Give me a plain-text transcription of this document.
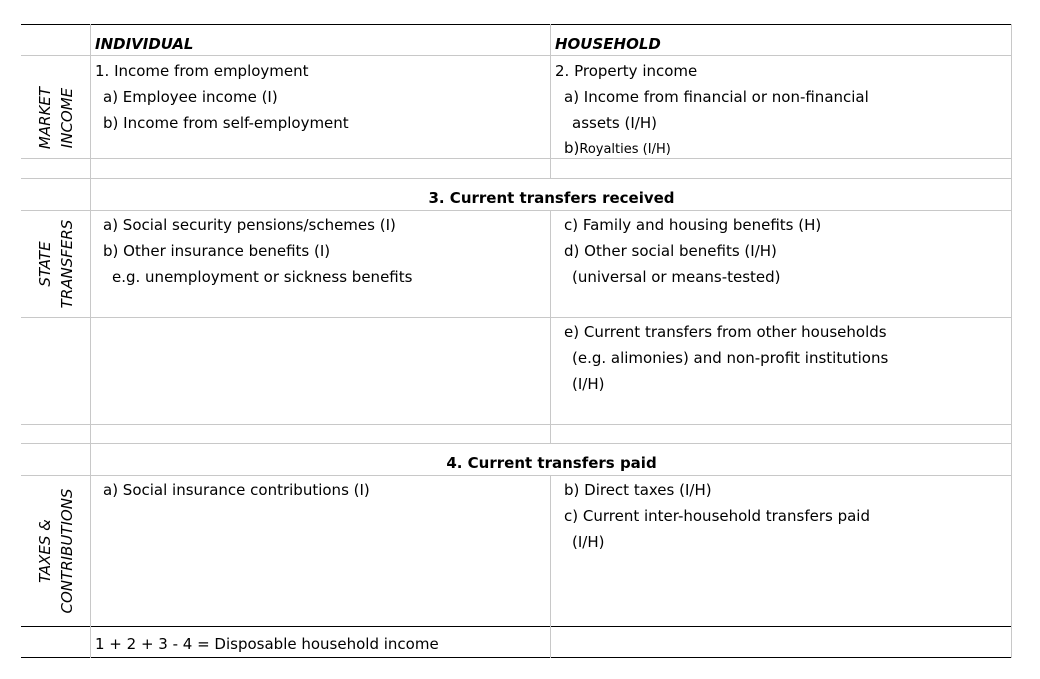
INDIVIDUAL	HOUSEHOLD
MARKET INCOME
1. Income from employment
a) Employee income (I)
b) Income from self-employment
2. Property income
a) Income from financial or non-financial
assets (I/H)
b)Royalties (I/H)
3. Current transfers received
STATE TRANSFERS a) Social security pensions/schemes (I)
b) Other insurance benefits (I)
e.g. unemployment or sickness benefits
c) Family and housing benefits (H)
d) Other social benefits (I/H)
(universal or means-tested)
e) Current transfers from other households
(e.g. alimonies) and non-profit institutions
(I/H)
4. Current transfers paid
TAXES & CONTRIBUTIONS a) Social insurance contributions (I)	b) Direct taxes (I/H)
c) Current inter-household transfers paid
(I/H)
1 + 2 + 3 - 4 = Disposable household income
